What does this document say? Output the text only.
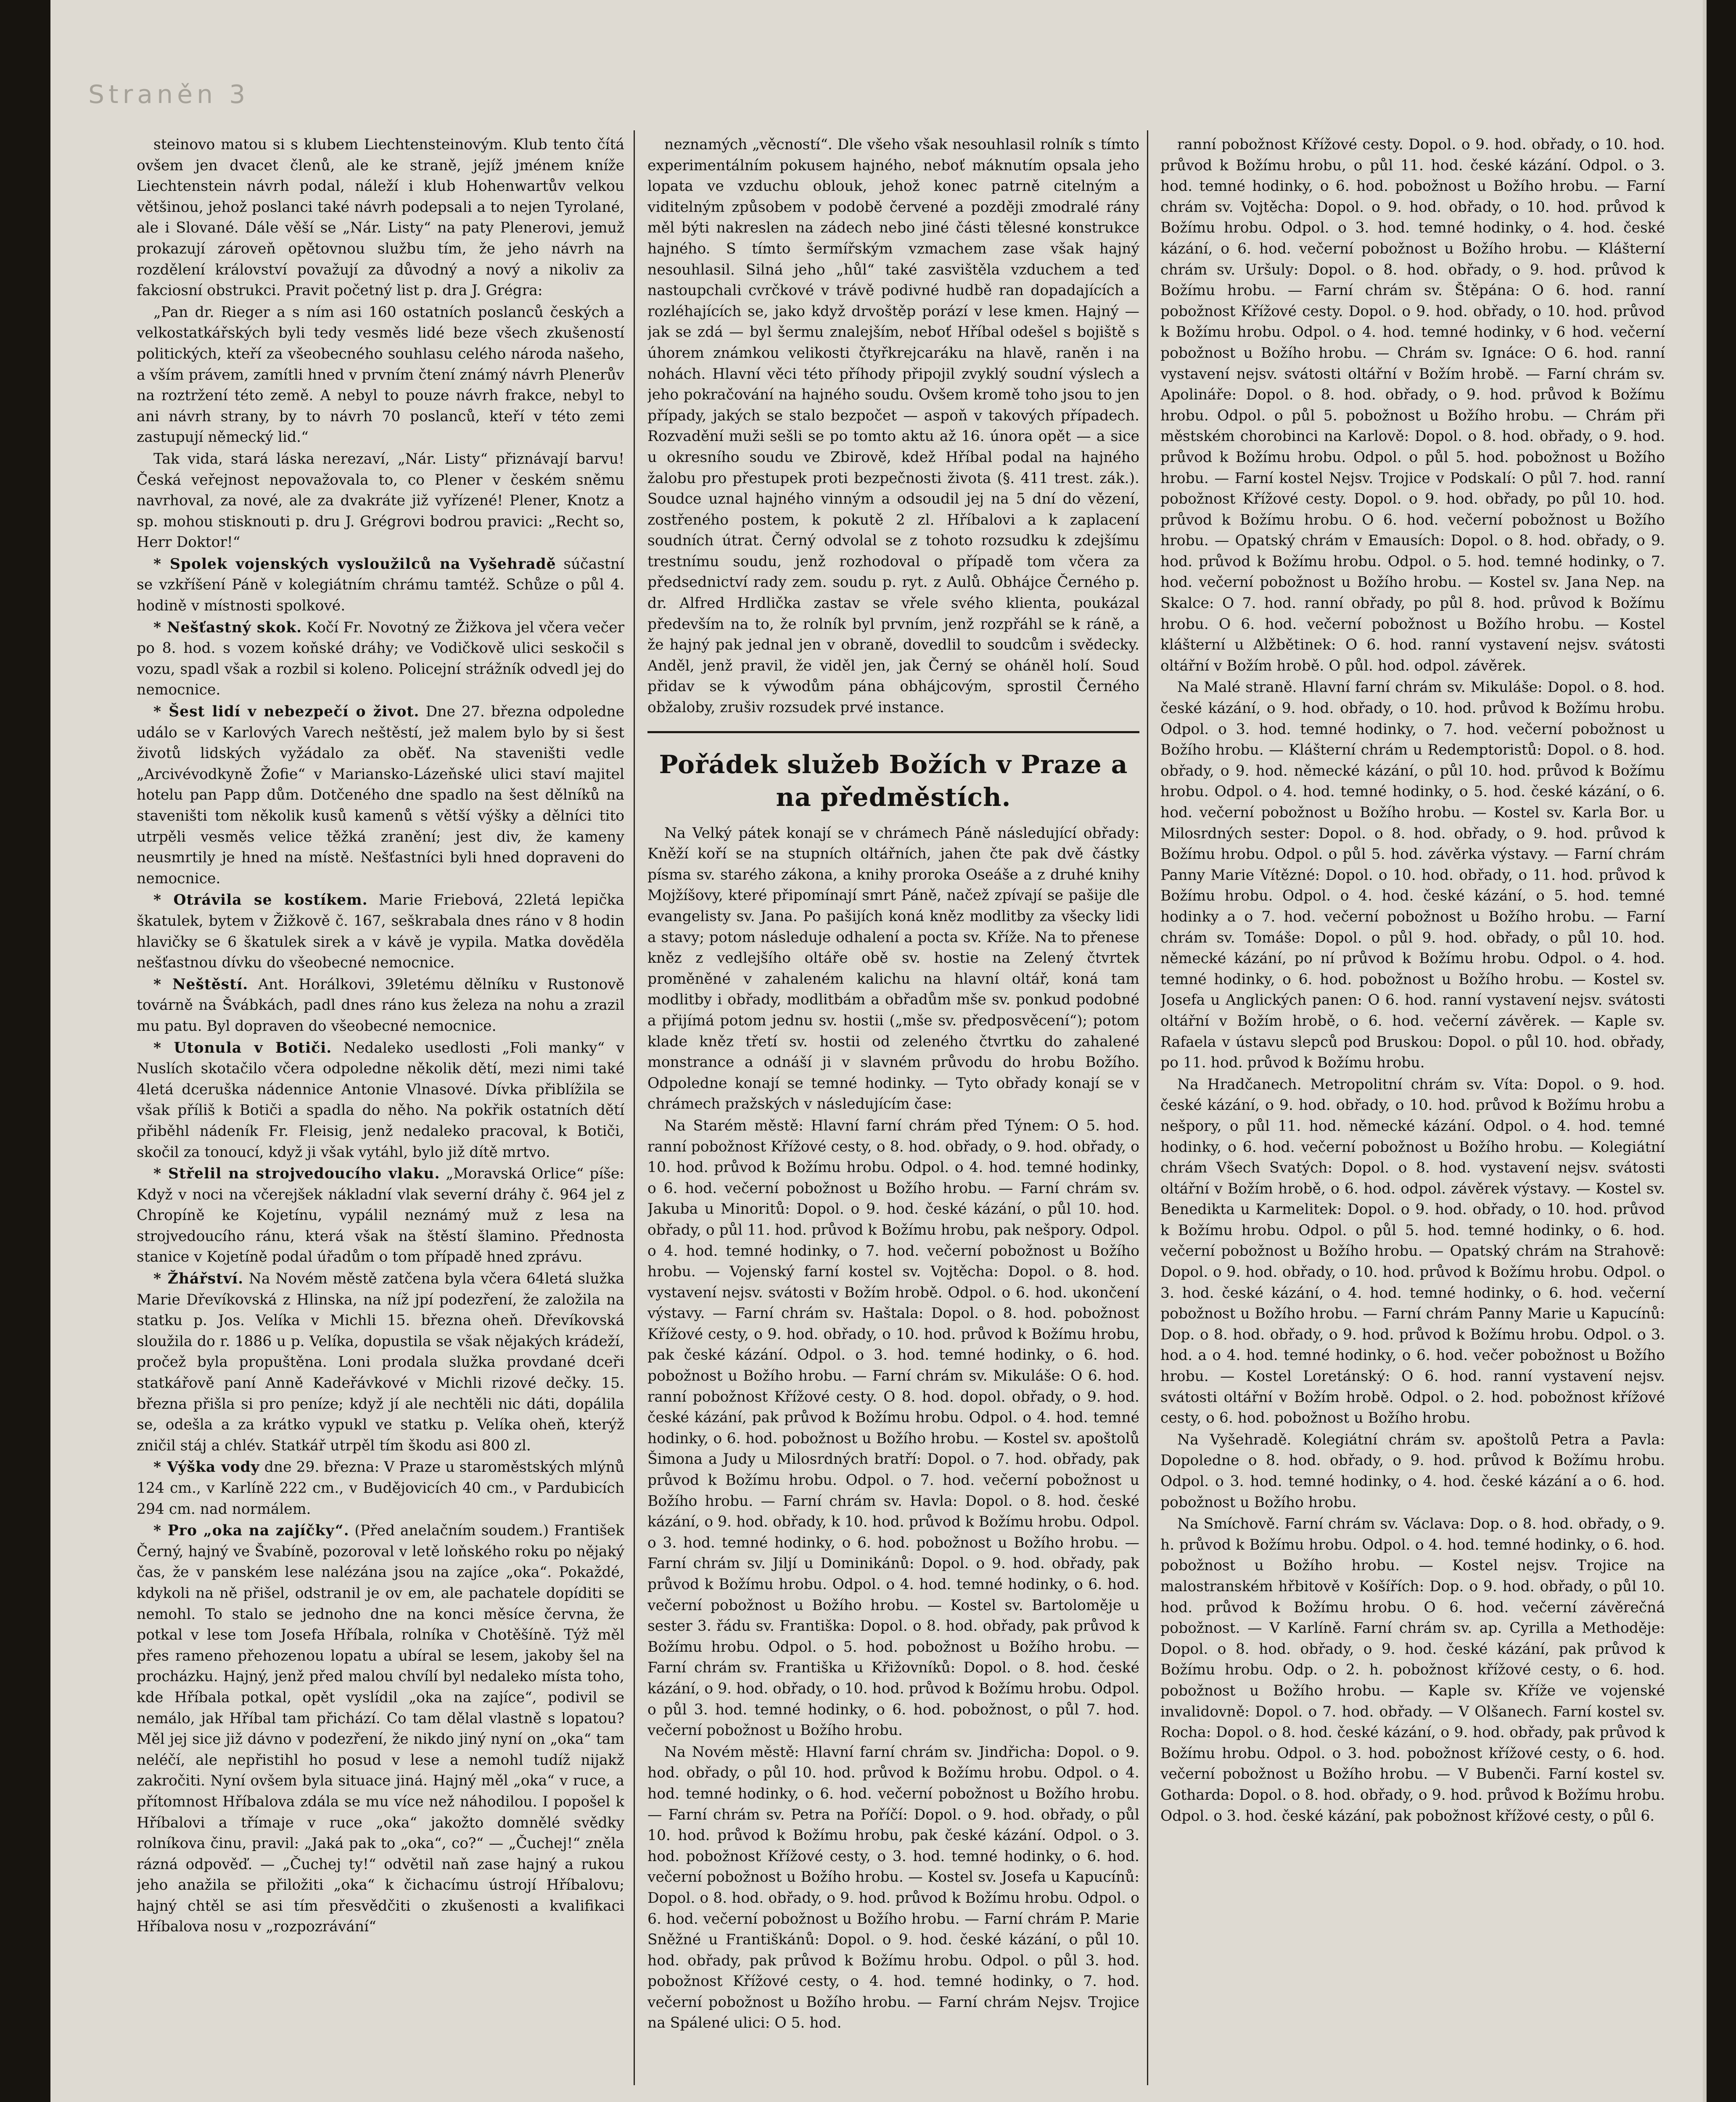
Straněn 3

steinovo matou si s klubem Liechtensteinovým. Klub tento čítá ovšem jen dvacet členů, ale ke straně, jejíž jménem kníže Liechtenstein návrh podal, náleží i klub Hohenwartův velkou většinou, jehož poslanci také návrh podepsali a to nejen Tyrolané, ale i Slované. Dále věší se „Nár. Listy“ na paty Plenerovi, jemuž prokazují zároveň opětovnou službu tím, že jeho návrh na rozdělení království považují za důvodný a nový a nikoliv za fakciosní obstrukci. Pravit početný list p. dra J. Grégra:

„Pan dr. Rieger a s ním asi 160 ostatních poslanců českých a velkostatkářských byli tedy vesměs lidé beze všech zkušeností politických, kteří za všeobecného souhlasu celého národa našeho, a vším právem, zamítli hned v prvním čtení známý návrh Plenerův na roztržení této země. A nebyl to pouze návrh frakce, nebyl to ani návrh strany, by to návrh 70 poslanců, kteří v této zemi zastupují německý lid.“

Tak vida, stará láska nerezaví, „Nár. Listy“ přiznávají barvu! Česká veřejnost nepovažovala to, co Plener v českém sněmu navrhoval, za nové, ale za dvakráte již vyřízené! Plener, Knotz a sp. mohou stisknouti p. dru J. Grégrovi bodrou pravici: „Recht so, Herr Doktor!“

* Spolek vojenských vysloužilců na Vyšehradě súčastní se vzkříšení Páně v kolegiátním chrámu tamtéž. Schůze o půl 4. hodině v místnosti spolkové.

* Nešťastný skok. Kočí Fr. Novotný ze Žižkova jel včera večer po 8. hod. s vozem koňské dráhy; ve Vodičkově ulici seskočil s vozu, spadl však a rozbil si koleno. Policejní strážník odvedl jej do nemocnice.

* Šest lidí v nebezpečí o život. Dne 27. března odpoledne událo se v Karlových Varech neštěstí, jež malem bylo by si šest životů lidských vyžádalo za oběť. Na staveništi vedle „Arcivévodkyně Žofie“ v Mariansko-Lázeňské ulici staví majitel hotelu pan Papp dům. Dotčeného dne spadlo na šest dělníků na staveništi tom několik kusů kamenů s větší výšky a dělníci tito utrpěli vesměs velice těžká zranění; jest div, že kameny neusmrtily je hned na místě. Nešťastníci byli hned dopraveni do nemocnice.

* Otrávila se kostíkem. Marie Friebová, 22letá lepička škatulek, bytem v Žižkově č. 167, seškrabala dnes ráno v 8 hodin hlavičky se 6 škatulek sirek a v kávě je vypila. Matka dověděla nešťastnou dívku do všeobecné nemocnice.

* Neštěstí. Ant. Horálkovi, 39letému dělníku v Rustonově továrně na Švábkách, padl dnes ráno kus železa na nohu a zrazil mu patu. Byl dopraven do všeobecné nemocnice.

* Utonula v Botiči. Nedaleko usedlosti „Foli manky“ v Nuslích skotačilo včera odpoledne několik dětí, mezi nimi také 4letá dceruška nádennice Antonie Vlnasové. Dívka přiblížila se však příliš k Botiči a spadla do něho. Na pokřik ostatních dětí přiběhl nádeník Fr. Fleisig, jenž nedaleko pracoval, k Botiči, skočil za tonoucí, když ji však vytáhl, bylo již dítě mrtvo.

* Střelil na strojvedoucího vlaku. „Moravská Orlice“ píše: Když v noci na včerejšek nákladní vlak severní dráhy č. 964 jel z Chropíně ke Kojetínu, vypálil neznámý muž z lesa na strojvedoucího ránu, která však na štěstí šlamino. Přednosta stanice v Kojetíně podal úřadům o tom případě hned zprávu.

* Žhářství. Na Novém městě zatčena byla včera 64letá služka Marie Dřevíkovská z Hlinska, na níž jpí podezření, že založila na statku p. Jos. Velíka v Michli 15. března oheň. Dřevíkovská sloužila do r. 1886 u p. Velíka, dopustila se však nějakých krádeží, pročež byla propuštěna. Loni prodala služka provdané dceři statkářově paní Anně Kadeřávkové v Michli rizové dečky. 15. března přišla si pro peníze; když jí ale nechtěli nic dáti, dopálila se, odešla a za krátko vypukl ve statku p. Velíka oheň, kterýž zničil stáj a chlév. Statkář utrpěl tím škodu asi 800 zl.

* Výška vody dne 29. března: V Praze u staroměstských mlýnů 124 cm., v Karlíně 222 cm., v Budějovicích 40 cm., v Pardubicích 294 cm. nad normálem.

* Pro „oka na zajíčky“. (Před anelačním soudem.) František Černý, hajný ve Švabíně, pozoroval v letě loňského roku po nějaký čas, že v panském lese nalézána jsou na zajíce „oka“. Pokaždé, kdykoli na ně přišel, odstranil je ov em, ale pachatele dopíditi se nemohl. To stalo se jednoho dne na konci měsíce června, že potkal v lese tom Josefa Hříbala, rolníka v Chotěšíně. Týž měl přes rameno přehozenou lopatu a ubíral se lesem, jakoby šel na procházku. Hajný, jenž před malou chvílí byl nedaleko místa toho, kde Hříbala potkal, opět vyslídil „oka na zajíce“, podivil se nemálo, jak Hříbal tam přichází. Co tam dělal vlastně s lopatou? Měl jej sice již dávno v podezření, že nikdo jiný nyní on „oka“ tam neléčí, ale nepřistihl ho posud v lese a nemohl tudíž nijakž zakročiti. Nyní ovšem byla situace jiná. Hajný měl „oka“ v ruce, a přítomnost Hříbalova zdála se mu více než náhodilou. I popošel k Hříbalovi a třímaje v ruce „oka“ jakožto domnělé svědky rolníkova činu, pravil: „Jaká pak to „oka“, co?“ — „Čuchej!“ zněla rázná odpověď. — „Čuchej ty!“ odvětil naň zase hajný a rukou jeho anažila se přiložiti „oka“ k čichacímu ústrojí Hříbalovu; hajný chtěl se asi tím přesvědčiti o zkušenosti a kvalifikaci Hříbalova nosu v „rozpozrávání“

neznamých „věcností“. Dle všeho však nesouhlasil rolník s tímto experimentálním pokusem hajného, neboť máknutím opsala jeho lopata ve vzduchu oblouk, jehož konec patrně citelným a viditelným způsobem v podobě červené a později zmodralé rány měl býti nakreslen na zádech nebo jiné části tělesné konstrukce hajného. S tímto šermířským vzmachem zase však hajný nesouhlasil. Silná jeho „hůl“ také zasvištěla vzduchem a teď nastoupchali cvrčkové v trávě podivné hudbě ran dopadajících a rozléhajících se, jako když drvoštěp porází v lese kmen. Hajný — jak se zdá — byl šermu znalejším, neboť Hříbal odešel s bojiště s úhorem známkou velikosti čtyřkrejcaráku na hlavě, raněn i na nohách. Hlavní věci této příhody připojil zvyklý soudní výslech a jeho pokračování na hajného soudu. Ovšem kromě toho jsou to jen případy, jakých se stalo bezpočet — aspoň v takových případech. Rozvadění muži sešli se po tomto aktu až 16. února opět — a sice u okresního soudu ve Zbirově, kdež Hříbal podal na hajného žalobu pro přestupek proti bezpečnosti života (§. 411 trest. zák.). Soudce uznal hajného vinným a odsoudil jej na 5 dní do vězení, zostřeného postem, k pokutě 2 zl. Hříbalovi a k zaplacení soudních útrat. Černý odvolal se z tohoto rozsudku k zdejšímu trestnímu soudu, jenž rozhodoval o případě tom včera za předsednictví rady zem. soudu p. ryt. z Aulů. Obhájce Černého p. dr. Alfred Hrdlička zastav se vřele svého klienta, poukázal především na to, že rolník byl prvním, jenž rozpřáhl se k ráně, a že hajný pak jednal jen v obraně, dovedlil to soudcům i svědecky. Anděl, jenž pravil, že viděl jen, jak Černý se oháněl holí. Soud přidav se k výwodům pána obhájcovým, sprostil Černého obžaloby, zrušiv rozsudek prvé instance.

Pořádek služeb Božích v Praze a na předměstích.

Na Velký pátek konají se v chrámech Páně následující obřady: Kněží koří se na stupních oltářních, jahen čte pak dvě částky písma sv. starého zákona, a knihy proroka Oseáše a z druhé knihy Mojžíšovy, které připomínají smrt Páně, načež zpívají se pašije dle evangelisty sv. Jana. Po pašijích koná kněz modlitby za všecky lidi a stavy; potom následuje odhalení a pocta sv. Kříže. Na to přenese kněz z vedlejšího oltáře obě sv. hostie na Zelený čtvrtek proměněné v zahaleném kalichu na hlavní oltář, koná tam modlitby i obřady, modlitbám a obřadům mše sv. ponkud podobné a přijímá potom jednu sv. hostii („mše sv. předposvěcení“); potom klade kněz třetí sv. hostii od zeleného čtvrtku do zahalené monstrance a odnáší ji v slavném průvodu do hrobu Božího. Odpoledne konají se temné hodinky. — Tyto obřady konají se v chrámech pražských v následujícím čase:

Na Starém městě: Hlavní farní chrám před Týnem: O 5. hod. ranní pobožnost Křížové cesty, o 8. hod. obřady, o 9. hod. obřady, o 10. hod. průvod k Božímu hrobu. Odpol. o 4. hod. temné hodinky, o 6. hod. večerní pobožnost u Božího hrobu. — Farní chrám sv. Jakuba u Minoritů: Dopol. o 9. hod. české kázání, o půl 10. hod. obřady, o půl 11. hod. průvod k Božímu hrobu, pak nešpory. Odpol. o 4. hod. temné hodinky, o 7. hod. večerní pobožnost u Božího hrobu. — Vojenský farní kostel sv. Vojtěcha: Dopol. o 8. hod. vystavení nejsv. svátosti v Božím hrobě. Odpol. o 6. hod. ukončení výstavy. — Farní chrám sv. Haštala: Dopol. o 8. hod. pobožnost Křížové cesty, o 9. hod. obřady, o 10. hod. průvod k Božímu hrobu, pak české kázání. Odpol. o 3. hod. temné hodinky, o 6. hod. pobožnost u Božího hrobu. — Farní chrám sv. Mikuláše: O 6. hod. ranní pobožnost Křížové cesty. O 8. hod. dopol. obřady, o 9. hod. české kázání, pak průvod k Božímu hrobu. Odpol. o 4. hod. temné hodinky, o 6. hod. pobožnost u Božího hrobu. — Kostel sv. apoštolů Šimona a Judy u Milosrdných bratří: Dopol. o 7. hod. obřady, pak průvod k Božímu hrobu. Odpol. o 7. hod. večerní pobožnost u Božího hrobu. — Farní chrám sv. Havla: Dopol. o 8. hod. české kázání, o 9. hod. obřady, k 10. hod. průvod k Božímu hrobu. Odpol. o 3. hod. temné hodinky, o 6. hod. pobožnost u Božího hrobu. — Farní chrám sv. Jiljí u Dominikánů: Dopol. o 9. hod. obřady, pak průvod k Božímu hrobu. Odpol. o 4. hod. temné hodinky, o 6. hod. večerní pobožnost u Božího hrobu. — Kostel sv. Bartoloměje u sester 3. řádu sv. Františka: Dopol. o 8. hod. obřady, pak průvod k Božímu hrobu. Odpol. o 5. hod. pobožnost u Božího hrobu. — Farní chrám sv. Františka u Křižovníků: Dopol. o 8. hod. české kázání, o 9. hod. obřady, o 10. hod. průvod k Božímu hrobu. Odpol. o půl 3. hod. temné hodinky, o 6. hod. pobožnost, o půl 7. hod. večerní pobožnost u Božího hrobu.

Na Novém městě: Hlavní farní chrám sv. Jindřicha: Dopol. o 9. hod. obřady, o půl 10. hod. průvod k Božímu hrobu. Odpol. o 4. hod. temné hodinky, o 6. hod. večerní pobožnost u Božího hrobu. — Farní chrám sv. Petra na Poříčí: Dopol. o 9. hod. obřady, o půl 10. hod. průvod k Božímu hrobu, pak české kázání. Odpol. o 3. hod. pobožnost Křížové cesty, o 3. hod. temné hodinky, o 6. hod. večerní pobožnost u Božího hrobu. — Kostel sv. Josefa u Kapucínů: Dopol. o 8. hod. obřady, o 9. hod. průvod k Božímu hrobu. Odpol. o 6. hod. večerní pobožnost u Božího hrobu. — Farní chrám P. Marie Sněžné u Františkánů: Dopol. o 9. hod. české kázání, o půl 10. hod. obřady, pak průvod k Božímu hrobu. Odpol. o půl 3. hod. pobožnost Křížové cesty, o 4. hod. temné hodinky, o 7. hod. večerní pobožnost u Božího hrobu. — Farní chrám Nejsv. Trojice na Spálené ulici: O 5. hod.

ranní pobožnost Křížové cesty. Dopol. o 9. hod. obřady, o 10. hod. průvod k Božímu hrobu, o půl 11. hod. české kázání. Odpol. o 3. hod. temné hodinky, o 6. hod. pobožnost u Božího hrobu. — Farní chrám sv. Vojtěcha: Dopol. o 9. hod. obřady, o 10. hod. průvod k Božímu hrobu. Odpol. o 3. hod. temné hodinky, o 4. hod. české kázání, o 6. hod. večerní pobožnost u Božího hrobu. — Klášterní chrám sv. Uršuly: Dopol. o 8. hod. obřady, o 9. hod. průvod k Božímu hrobu. — Farní chrám sv. Štěpána: O 6. hod. ranní pobožnost Křížové cesty. Dopol. o 9. hod. obřady, o 10. hod. průvod k Božímu hrobu. Odpol. o 4. hod. temné hodinky, v 6 hod. večerní pobožnost u Božího hrobu. — Chrám sv. Ignáce: O 6. hod. ranní vystavení nejsv. svátosti oltářní v Božím hrobě. — Farní chrám sv. Apolináře: Dopol. o 8. hod. obřady, o 9. hod. průvod k Božímu hrobu. Odpol. o půl 5. pobožnost u Božího hrobu. — Chrám při městském chorobinci na Karlově: Dopol. o 8. hod. obřady, o 9. hod. průvod k Božímu hrobu. Odpol. o půl 5. hod. pobožnost u Božího hrobu. — Farní kostel Nejsv. Trojice v Podskalí: O půl 7. hod. ranní pobožnost Křížové cesty. Dopol. o 9. hod. obřady, po půl 10. hod. průvod k Božímu hrobu. O 6. hod. večerní pobožnost u Božího hrobu. — Opatský chrám v Emausích: Dopol. o 8. hod. obřady, o 9. hod. průvod k Božímu hrobu. Odpol. o 5. hod. temné hodinky, o 7. hod. večerní pobožnost u Božího hrobu. — Kostel sv. Jana Nep. na Skalce: O 7. hod. ranní obřady, po půl 8. hod. průvod k Božímu hrobu. O 6. hod. večerní pobožnost u Božího hrobu. — Kostel klášterní u Alžbětinek: O 6. hod. ranní vystavení nejsv. svátosti oltářní v Božím hrobě. O půl. hod. odpol. závěrek.

Na Malé straně. Hlavní farní chrám sv. Mikuláše: Dopol. o 8. hod. české kázání, o 9. hod. obřady, o 10. hod. průvod k Božímu hrobu. Odpol. o 3. hod. temné hodinky, o 7. hod. večerní pobožnost u Božího hrobu. — Klášterní chrám u Redemptoristů: Dopol. o 8. hod. obřady, o 9. hod. německé kázání, o půl 10. hod. průvod k Božímu hrobu. Odpol. o 4. hod. temné hodinky, o 5. hod. české kázání, o 6. hod. večerní pobožnost u Božího hrobu. — Kostel sv. Karla Bor. u Milosrdných sester: Dopol. o 8. hod. obřady, o 9. hod. průvod k Božímu hrobu. Odpol. o půl 5. hod. závěrka výstavy. — Farní chrám Panny Marie Vítězné: Dopol. o 10. hod. obřady, o 11. hod. průvod k Božímu hrobu. Odpol. o 4. hod. české kázání, o 5. hod. temné hodinky a o 7. hod. večerní pobožnost u Božího hrobu. — Farní chrám sv. Tomáše: Dopol. o půl 9. hod. obřady, o půl 10. hod. německé kázání, po ní průvod k Božímu hrobu. Odpol. o 4. hod. temné hodinky, o 6. hod. pobožnost u Božího hrobu. — Kostel sv. Josefa u Anglických panen: O 6. hod. ranní vystavení nejsv. svátosti oltářní v Božím hrobě, o 6. hod. večerní závěrek. — Kaple sv. Rafaela v ústavu slepců pod Bruskou: Dopol. o půl 10. hod. obřady, po 11. hod. průvod k Božímu hrobu.

Na Hradčanech. Metropolitní chrám sv. Víta: Dopol. o 9. hod. české kázání, o 9. hod. obřady, o 10. hod. průvod k Božímu hrobu a nešpory, o půl 11. hod. německé kázání. Odpol. o 4. hod. temné hodinky, o 6. hod. večerní pobožnost u Božího hrobu. — Kolegiátní chrám Všech Svatých: Dopol. o 8. hod. vystavení nejsv. svátosti oltářní v Božím hrobě, o 6. hod. odpol. závěrek výstavy. — Kostel sv. Benedikta u Karmelitek: Dopol. o 9. hod. obřady, o 10. hod. průvod k Božímu hrobu. Odpol. o půl 5. hod. temné hodinky, o 6. hod. večerní pobožnost u Božího hrobu. — Opatský chrám na Strahově: Dopol. o 9. hod. obřady, o 10. hod. průvod k Božímu hrobu. Odpol. o 3. hod. české kázání, o 4. hod. temné hodinky, o 6. hod. večerní pobožnost u Božího hrobu. — Farní chrám Panny Marie u Kapucínů: Dop. o 8. hod. obřady, o 9. hod. průvod k Božímu hrobu. Odpol. o 3. hod. a o 4. hod. temné hodinky, o 6. hod. večer pobožnost u Božího hrobu. — Kostel Loretánský: O 6. hod. ranní vystavení nejsv. svátosti oltářní v Božím hrobě. Odpol. o 2. hod. pobožnost křížové cesty, o 6. hod. pobožnost u Božího hrobu.

Na Vyšehradě. Kolegiátní chrám sv. apoštolů Petra a Pavla: Dopoledne o 8. hod. obřady, o 9. hod. průvod k Božímu hrobu. Odpol. o 3. hod. temné hodinky, o 4. hod. české kázání a o 6. hod. pobožnost u Božího hrobu.

Na Smíchově. Farní chrám sv. Václava: Dop. o 8. hod. obřady, o 9. h. průvod k Božímu hrobu. Odpol. o 4. hod. temné hodinky, o 6. hod. pobožnost u Božího hrobu. — Kostel nejsv. Trojice na malostranském hřbitově v Košířích: Dop. o 9. hod. obřady, o půl 10. hod. průvod k Božímu hrobu. O 6. hod. večerní závěrečná pobožnost. — V Karlíně. Farní chrám sv. ap. Cyrilla a Methoděje: Dopol. o 8. hod. obřady, o 9. hod. české kázání, pak průvod k Božímu hrobu. Odp. o 2. h. pobožnost křížové cesty, o 6. hod. pobožnost u Božího hrobu. — Kaple sv. Kříže ve vojenské invalidovně: Dopol. o 7. hod. obřady. — V Olšanech. Farní kostel sv. Rocha: Dopol. o 8. hod. české kázání, o 9. hod. obřady, pak průvod k Božímu hrobu. Odpol. o 3. hod. pobožnost křížové cesty, o 6. hod. večerní pobožnost u Božího hrobu. — V Bubenči. Farní kostel sv. Gotharda: Dopol. o 8. hod. obřady, o 9. hod. průvod k Božímu hrobu. Odpol. o 3. hod. české kázání, pak pobožnost křížové cesty, o půl 6.
